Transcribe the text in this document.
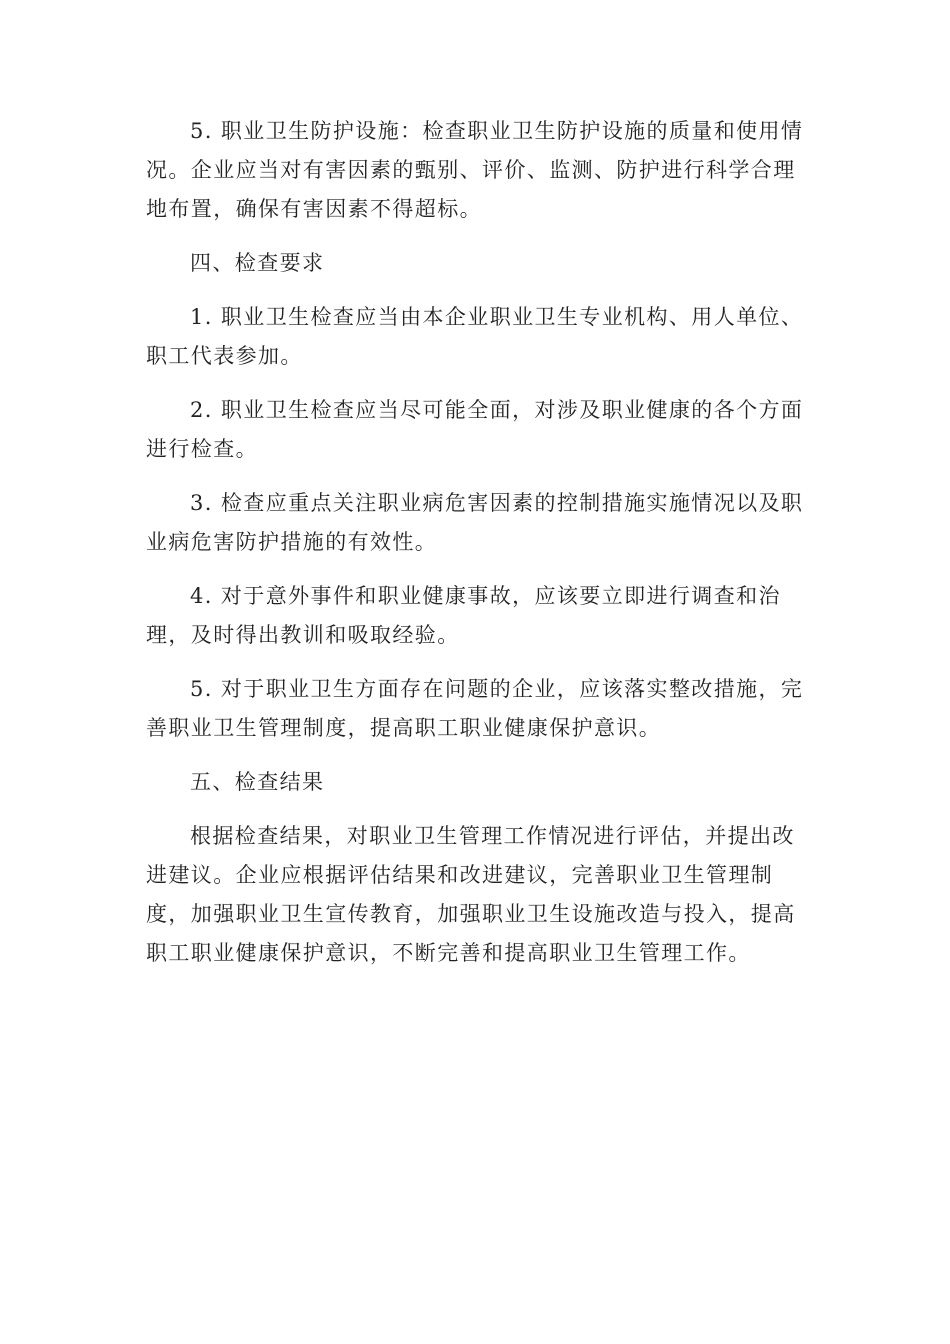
5. 职业卫生防护设施：检查职业卫生防护设施的质量和使用情况。企业应当对有害因素的甄别、评价、监测、防护进行科学合理地布置，确保有害因素不得超标。

四、检查要求

1. 职业卫生检查应当由本企业职业卫生专业机构、用人单位、职工代表参加。

2. 职业卫生检查应当尽可能全面，对涉及职业健康的各个方面进行检查。

3. 检查应重点关注职业病危害因素的控制措施实施情况以及职业病危害防护措施的有效性。

4. 对于意外事件和职业健康事故，应该要立即进行调查和治理，及时得出教训和吸取经验。

5. 对于职业卫生方面存在问题的企业，应该落实整改措施，完善职业卫生管理制度，提高职工职业健康保护意识。

五、检查结果

根据检查结果，对职业卫生管理工作情况进行评估，并提出改进建议。企业应根据评估结果和改进建议，完善职业卫生管理制度，加强职业卫生宣传教育，加强职业卫生设施改造与投入，提高职工职业健康保护意识，不断完善和提高职业卫生管理工作。
